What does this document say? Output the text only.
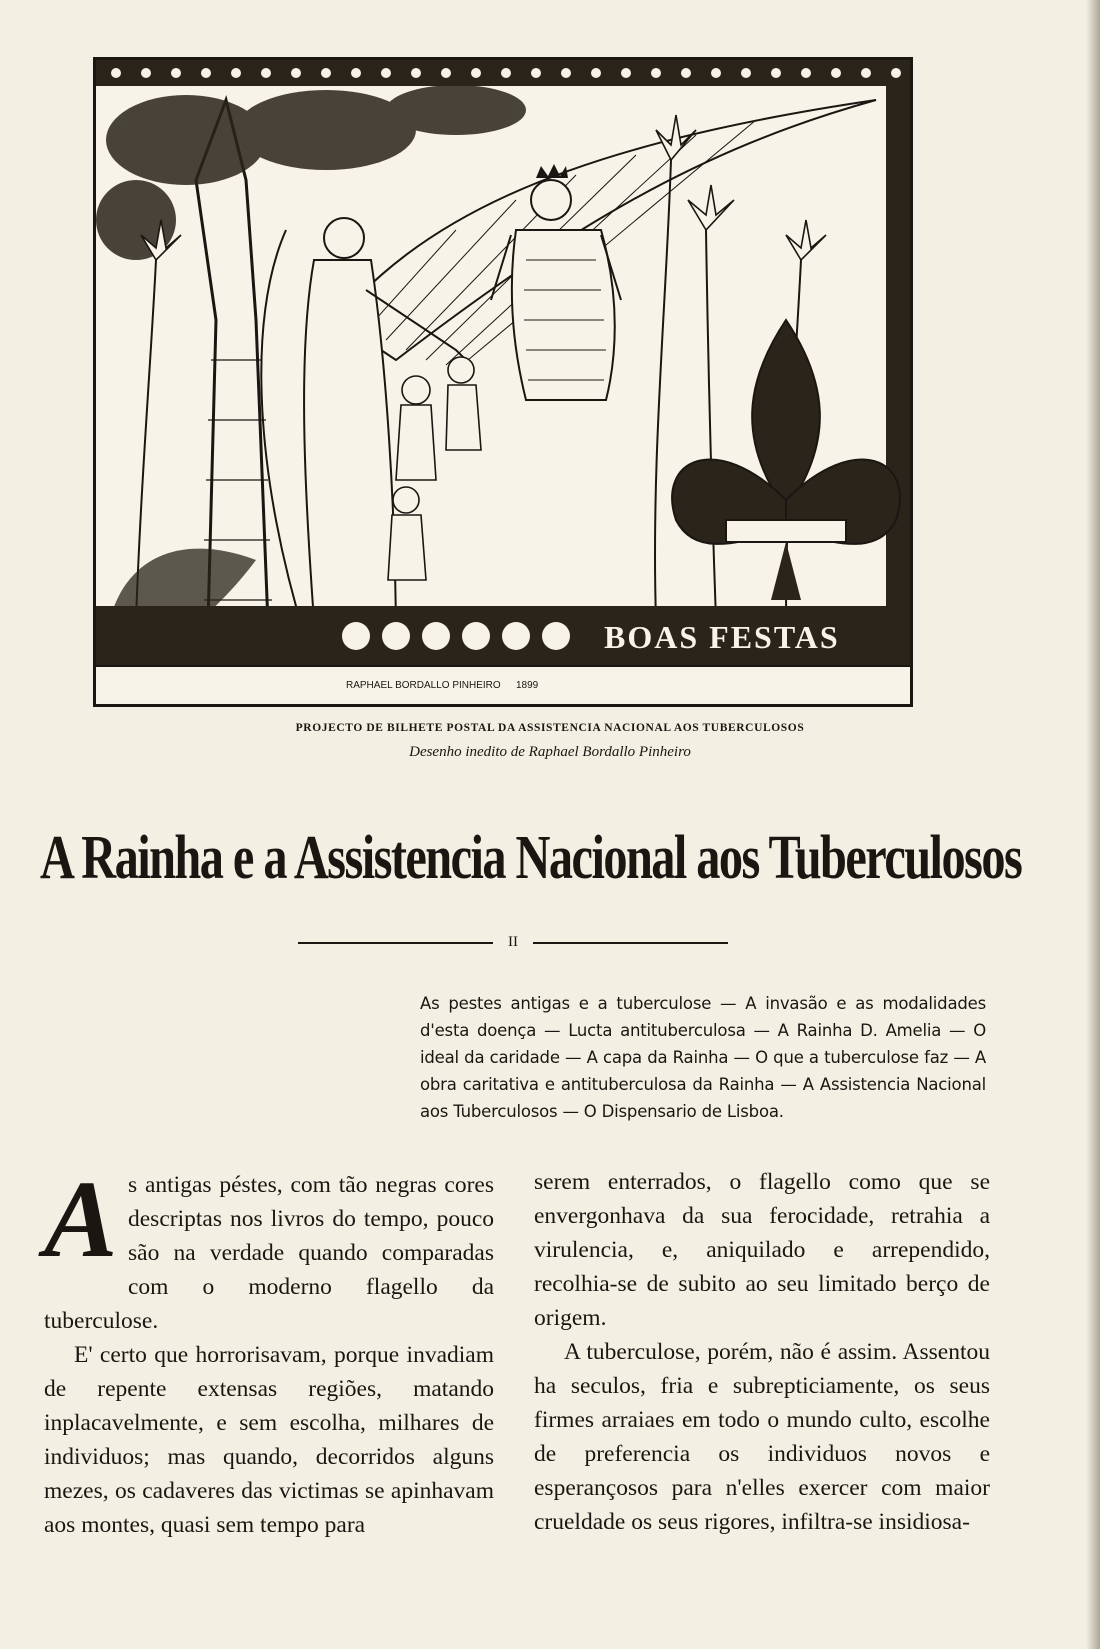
BOAS FESTAS
RAPHAEL BORDALLO PINHEIRO 1899
PROJECTO DE BILHETE POSTAL DA ASSISTENCIA NACIONAL AOS TUBERCULOSOS
Desenho inedito de Raphael Bordallo Pinheiro
A Rainha e a Assistencia Nacional aos Tuberculosos
II
As pestes antigas e a tuberculose — A invasão e as modalidades d'esta doença — Lucta antituberculosa — A Rainha D. Amelia — O ideal da caridade — A capa da Rainha — O que a tuberculose faz — A obra caritativa e antituberculosa da Rainha — A Assistencia Nacional aos Tuberculosos — O Dispensario de Lisboa.

As antigas péstes, com tão negras cores descriptas nos livros do tempo, pouco são na verdade quando comparadas com o moderno flagello da tuberculose.

E' certo que horrorisavam, porque invadiam de repente extensas regiões, matando inplacavelmente, e sem escolha, milhares de individuos; mas quando, decorridos alguns mezes, os cadaveres das victimas se apinhavam aos montes, quasi sem tempo para

serem enterrados, o flagello como que se envergonhava da sua ferocidade, retrahia a virulencia, e, aniquilado e arrependido, recolhia-se de subito ao seu limitado berço de origem.

A tuberculose, porém, não é assim. Assentou ha seculos, fria e subrepticiamente, os seus firmes arraiaes em todo o mundo culto, escolhe de preferencia os individuos novos e esperançosos para n'elles exercer com maior crueldade os seus rigores, infiltra-se insidiosa-
